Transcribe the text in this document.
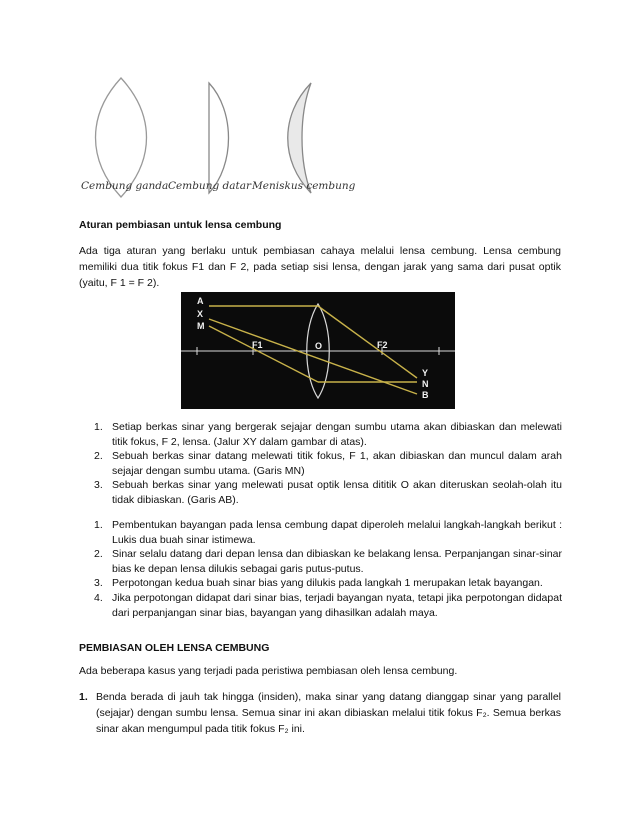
Cembung ganda Cembung datar Meniskus cembung
Aturan pembiasan untuk lensa cembung
Ada tiga aturan yang berlaku untuk pembiasan cahaya melalui lensa cembung. Lensa cembung memiliki dua titik fokus F1 dan F 2, pada setiap sisi lensa, dengan jarak yang sama dari pusat optik (yaitu, F 1 = F 2).
A
X
M
Y
N
B
F1	F2
O
1. Setiap berkas sinar yang bergerak sejajar dengan sumbu utama akan dibiaskan dan melewati titik fokus, F 2, lensa. (Jalur XY dalam gambar di atas).
2. Sebuah berkas sinar datang melewati titik fokus, F 1, akan dibiaskan dan muncul dalam arah sejajar dengan sumbu utama. (Garis MN)
3. Sebuah berkas sinar yang melewati pusat optik lensa dititik O akan diteruskan seolah-olah itu tidak dibiaskan. (Garis AB).
1. Pembentukan bayangan pada lensa cembung dapat diperoleh melalui langkah-langkah berikut : Lukis dua buah sinar istimewa.
2. Sinar selalu datang dari depan lensa dan dibiaskan ke belakang lensa. Perpanjangan sinar-sinar bias ke depan lensa dilukis sebagai garis putus-putus.
3. Perpotongan kedua buah sinar bias yang dilukis pada langkah 1 merupakan letak bayangan.
4. Jika perpotongan didapat dari sinar bias, terjadi bayangan nyata, tetapi jika perpotongan didapat dari perpanjangan sinar bias, bayangan yang dihasilkan adalah maya.
PEMBIASAN OLEH LENSA CEMBUNG
Ada beberapa kasus yang terjadi pada peristiwa pembiasan oleh lensa cembung.
1. Benda berada di jauh tak hingga (insiden), maka sinar yang datang dianggap sinar yang parallel (sejajar) dengan sumbu lensa. Semua sinar ini akan dibiaskan melalui titik fokus F₂. Semua berkas sinar akan mengumpul pada titik fokus F₂ ini.
